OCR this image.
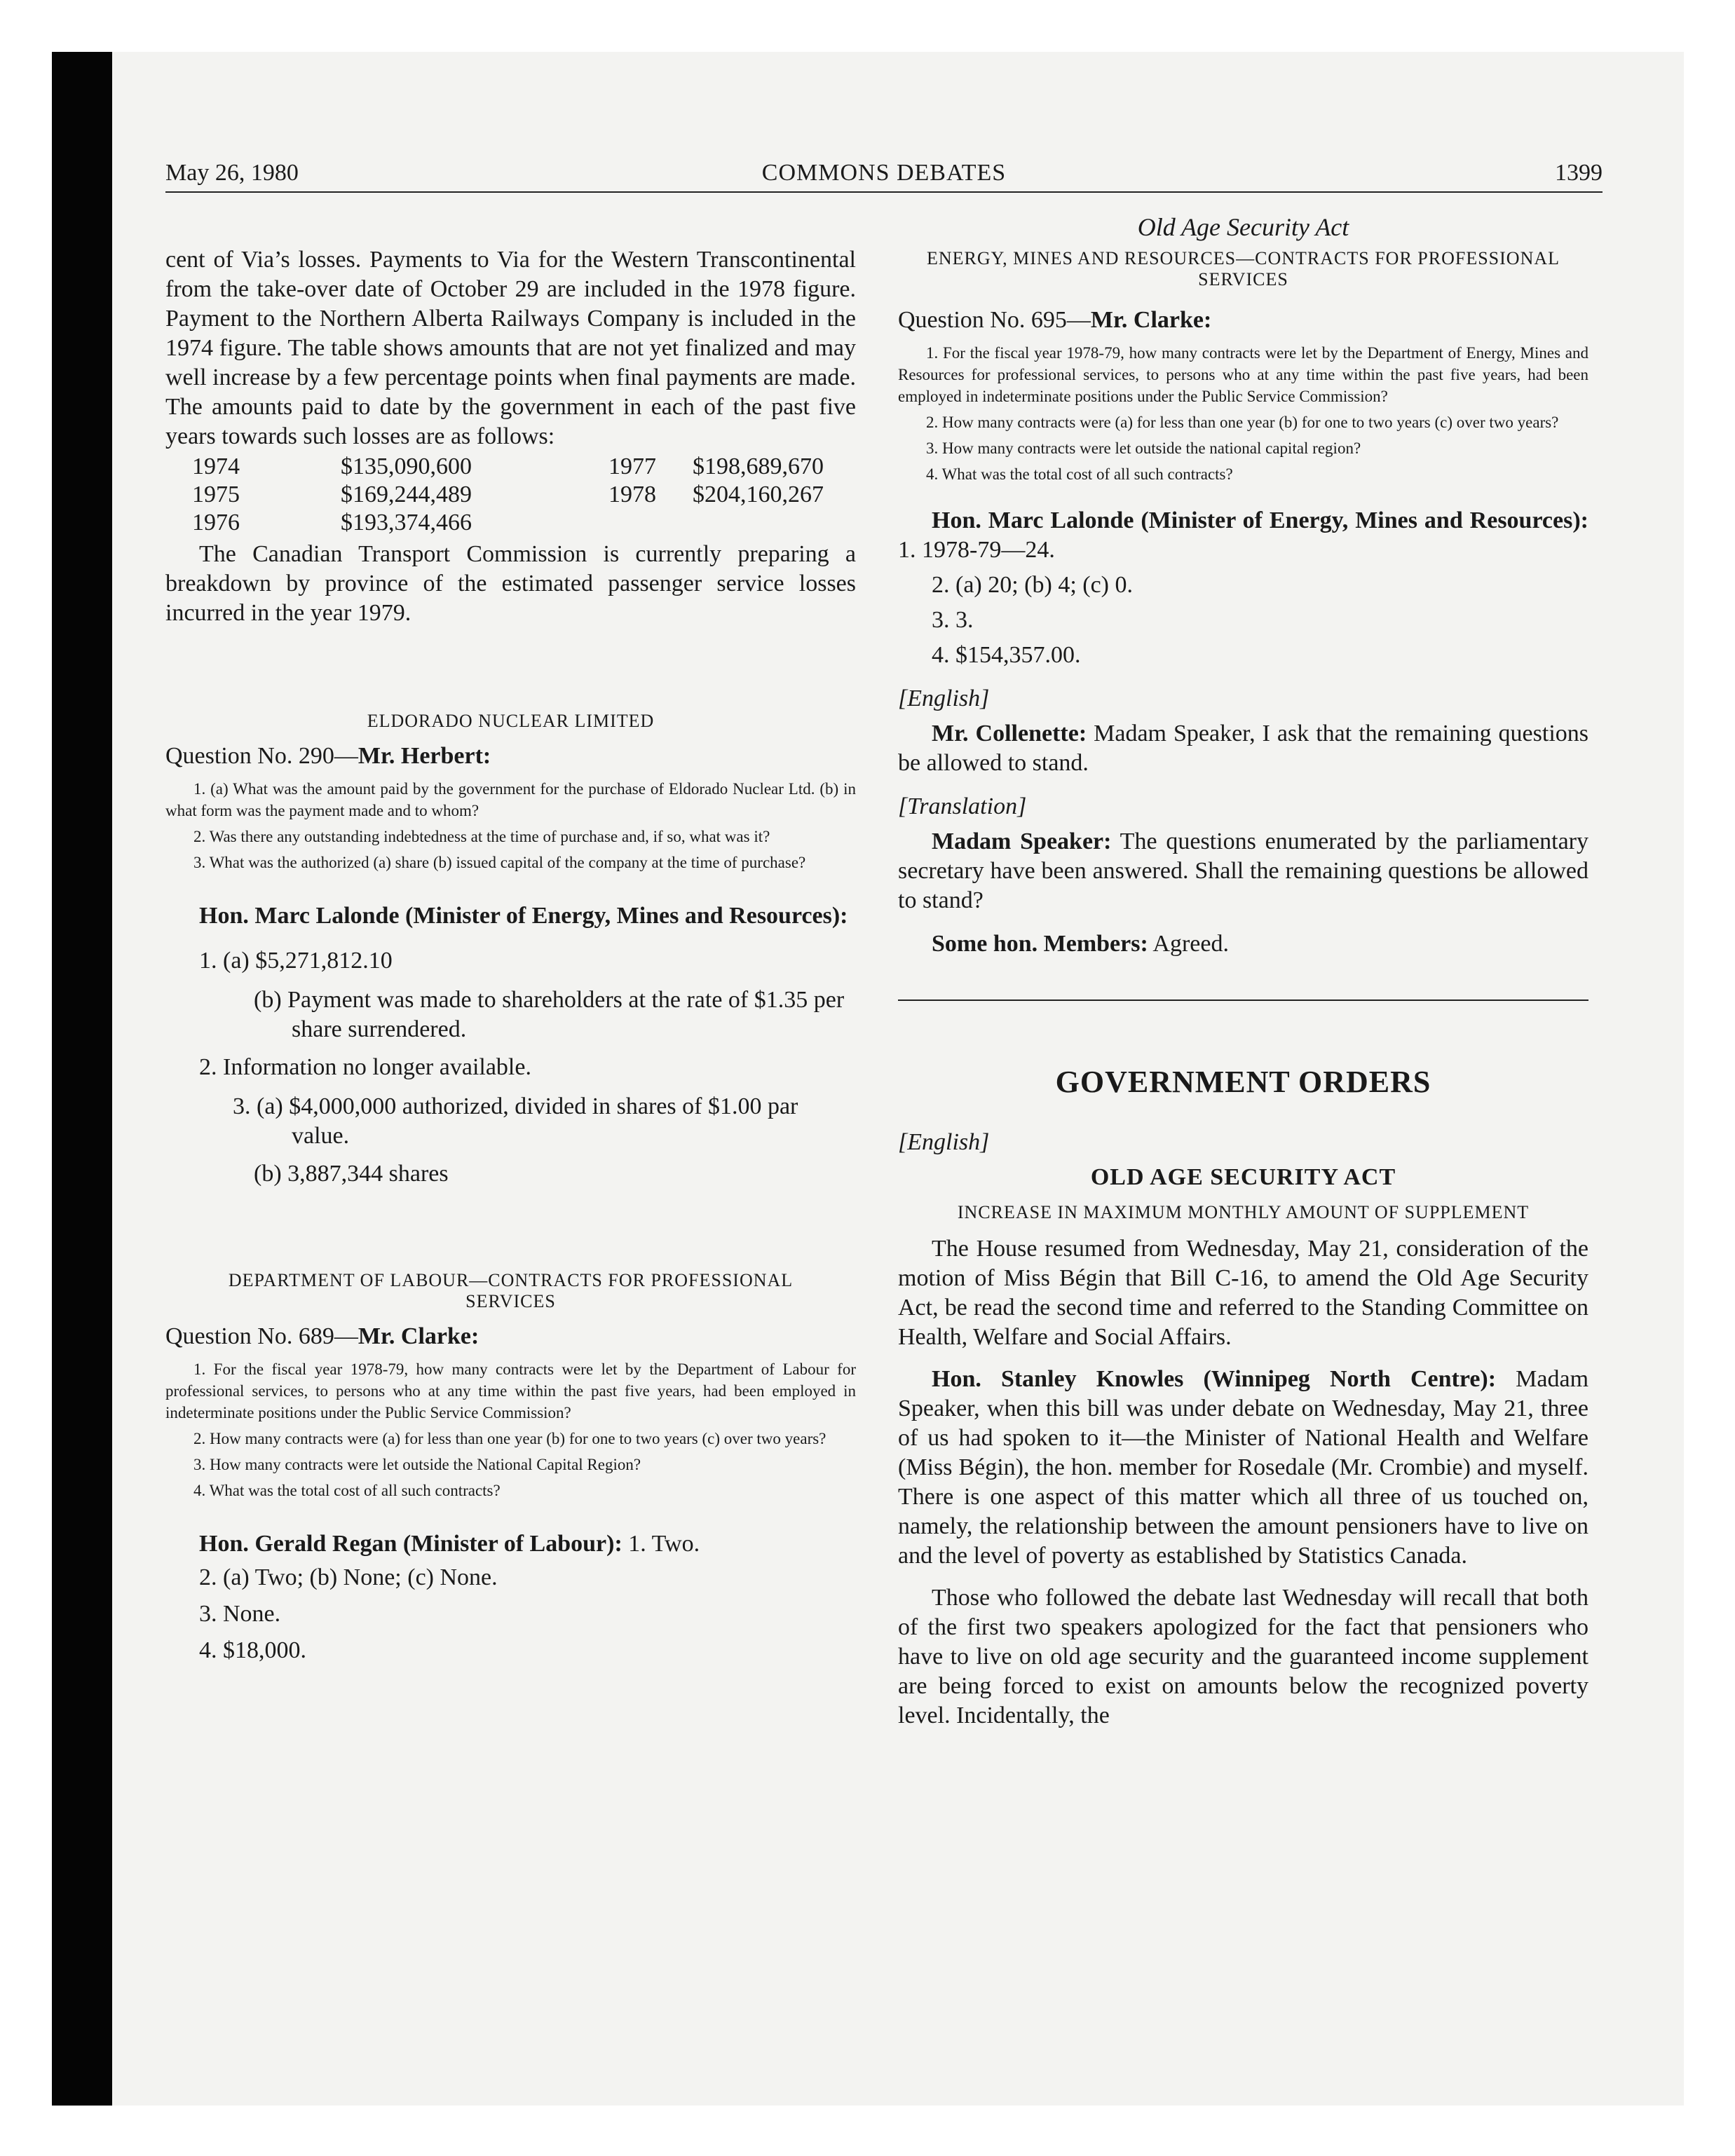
May 26, 1980	COMMONS DEBATES	1399

cent of Via’s losses. Payments to Via for the Western Transcontinental from the take-over date of October 29 are included in the 1978 figure. Payment to the Northern Alberta Railways Company is included in the 1974 figure. The table shows amounts that are not yet finalized and may well increase by a few percentage points when final payments are made. The amounts paid to date by the government in each of the past five years towards such losses are as follows:

1974	$135,090,600	1977	$198,689,670
1975	$169,244,489	1978	$204,160,267
1976	$193,374,466		

The Canadian Transport Commission is currently preparing a breakdown by province of the estimated passenger service losses incurred in the year 1979.

ELDORADO NUCLEAR LIMITED

Question No. 290—Mr. Herbert:

1. (a) What was the amount paid by the government for the purchase of Eldorado Nuclear Ltd. (b) in what form was the payment made and to whom?

2. Was there any outstanding indebtedness at the time of purchase and, if so, what was it?

3. What was the authorized (a) share (b) issued capital of the company at the time of purchase?

Hon. Marc Lalonde (Minister of Energy, Mines and Resources):

1. (a) $5,271,812.10

(b) Payment was made to shareholders at the rate of $1.35 per share surrendered.

2. Information no longer available.

3. (a) $4,000,000 authorized, divided in shares of $1.00 par value.

(b) 3,887,344 shares

DEPARTMENT OF LABOUR—CONTRACTS FOR PROFESSIONAL SERVICES

Question No. 689—Mr. Clarke:

1. For the fiscal year 1978-79, how many contracts were let by the Department of Labour for professional services, to persons who at any time within the past five years, had been employed in indeterminate positions under the Public Service Commission?

2. How many contracts were (a) for less than one year (b) for one to two years (c) over two years?

3. How many contracts were let outside the National Capital Region?

4. What was the total cost of all such contracts?

Hon. Gerald Regan (Minister of Labour): 1. Two.

2. (a) Two; (b) None; (c) None.

3. None.

4. $18,000.

Old Age Security Act

ENERGY, MINES AND RESOURCES—CONTRACTS FOR PROFESSIONAL SERVICES

Question No. 695—Mr. Clarke:

1. For the fiscal year 1978-79, how many contracts were let by the Department of Energy, Mines and Resources for professional services, to persons who at any time within the past five years, had been employed in indeterminate positions under the Public Service Commission?

2. How many contracts were (a) for less than one year (b) for one to two years (c) over two years?

3. How many contracts were let outside the national capital region?

4. What was the total cost of all such contracts?

Hon. Marc Lalonde (Minister of Energy, Mines and Resources): 1. 1978-79—24.

2. (a) 20; (b) 4; (c) 0.

3. 3.

4. $154,357.00.

[English]

Mr. Collenette: Madam Speaker, I ask that the remaining questions be allowed to stand.

[Translation]

Madam Speaker: The questions enumerated by the parliamentary secretary have been answered. Shall the remaining questions be allowed to stand?

Some hon. Members: Agreed.

GOVERNMENT ORDERS

[English]

OLD AGE SECURITY ACT

INCREASE IN MAXIMUM MONTHLY AMOUNT OF SUPPLEMENT

The House resumed from Wednesday, May 21, consideration of the motion of Miss Bégin that Bill C-16, to amend the Old Age Security Act, be read the second time and referred to the Standing Committee on Health, Welfare and Social Affairs.

Hon. Stanley Knowles (Winnipeg North Centre): Madam Speaker, when this bill was under debate on Wednesday, May 21, three of us had spoken to it—the Minister of National Health and Welfare (Miss Bégin), the hon. member for Rosedale (Mr. Crombie) and myself. There is one aspect of this matter which all three of us touched on, namely, the relationship between the amount pensioners have to live on and the level of poverty as established by Statistics Canada.

Those who followed the debate last Wednesday will recall that both of the first two speakers apologized for the fact that pensioners who have to live on old age security and the guaranteed income supplement are being forced to exist on amounts below the recognized poverty level. Incidentally, the
